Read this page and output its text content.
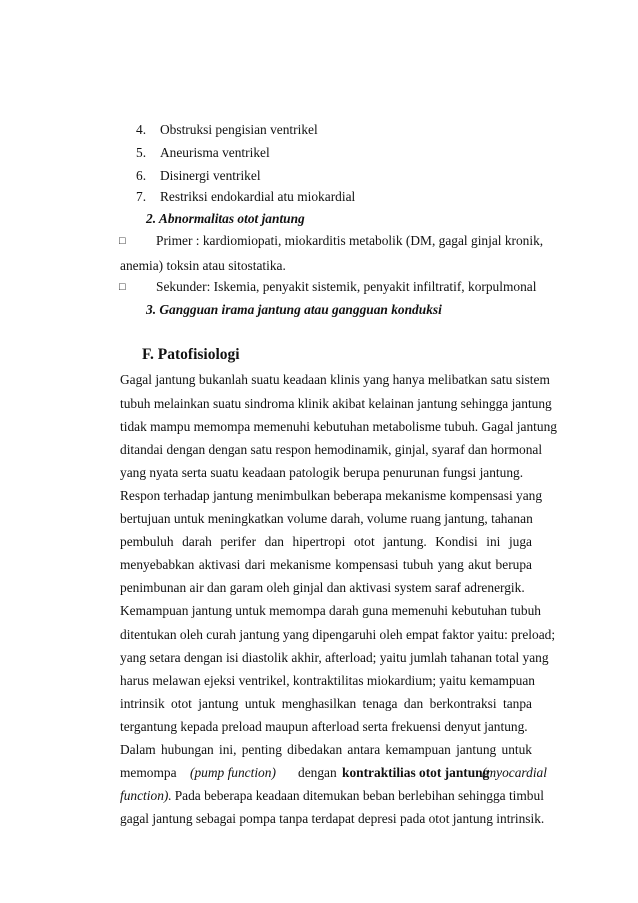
4. Obstruksi pengisian ventrikel
5. Aneurisma ventrikel
6. Disinergi ventrikel
7. Restriksi endokardial atu miokardial
2. Abnormalitas otot jantung
□ Primer : kardiomiopati, miokarditis metabolik (DM, gagal ginjal kronik,
anemia) toksin atau sitostatika.
□ Sekunder: Iskemia, penyakit sistemik, penyakit infiltratif, korpulmonal
3. Gangguan irama jantung atau gangguan konduksi
F. Patofisiologi
Gagal jantung bukanlah suatu keadaan klinis yang hanya melibatkan satu sistem
tubuh melainkan suatu sindroma klinik akibat kelainan jantung sehingga jantung
tidak mampu memompa memenuhi kebutuhan metabolisme tubuh. Gagal jantung
ditandai dengan dengan satu respon hemodinamik, ginjal, syaraf dan hormonal
yang nyata serta suatu keadaan patologik berupa penurunan fungsi jantung.
Respon terhadap jantung menimbulkan beberapa mekanisme kompensasi yang
bertujuan untuk meningkatkan volume darah, volume ruang jantung, tahanan
pembuluh darah perifer dan hipertropi otot jantung. Kondisi ini juga
menyebabkan aktivasi dari mekanisme kompensasi tubuh yang akut berupa
penimbunan air dan garam oleh ginjal dan aktivasi system saraf adrenergik.
Kemampuan jantung untuk memompa darah guna memenuhi kebutuhan tubuh
ditentukan oleh curah jantung yang dipengaruhi oleh empat faktor yaitu: preload;
yang setara dengan isi diastolik akhir, afterload; yaitu jumlah tahanan total yang
harus melawan ejeksi ventrikel, kontraktilitas miokardium; yaitu kemampuan
intrinsik otot jantung untuk menghasilkan tenaga dan berkontraksi tanpa
tergantung kepada preload maupun afterload serta frekuensi denyut jantung.
Dalam hubungan ini, penting dibedakan antara kemampuan jantung untuk
memompa (pump function) dengan kontraktilias otot jantung
(myocardial
function) . Pada beberapa keadaan ditemukan beban berlebihan sehingga timbul
gagal jantung sebagai pompa tanpa terdapat depresi pada otot jantung intrinsik.
